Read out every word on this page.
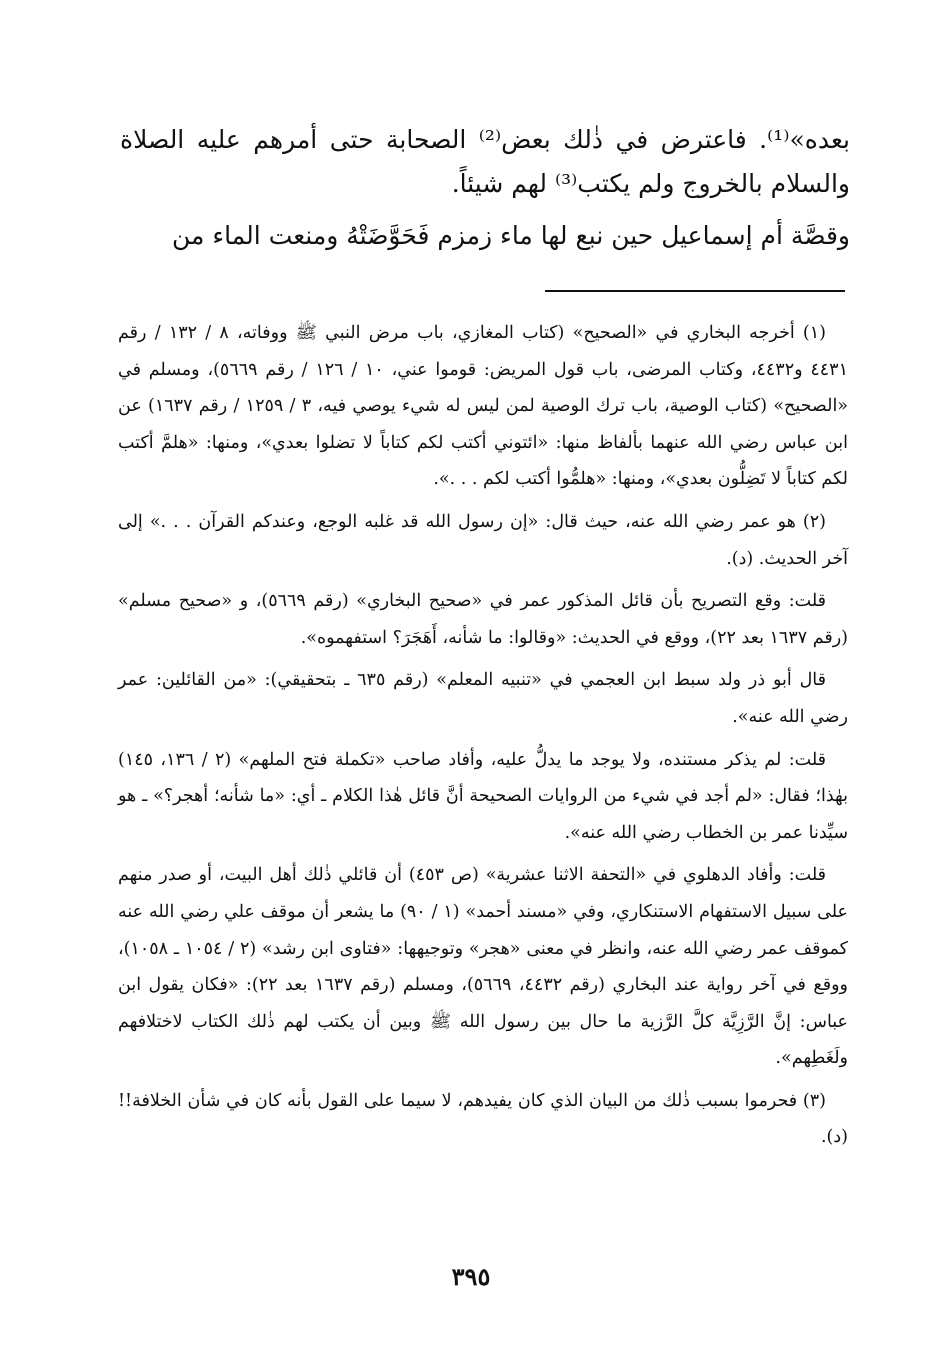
بعده»⁽¹⁾. فاعترض في ذٰلك بعض⁽²⁾ الصحابة حتى أمرهم عليه الصلاة والسلام بالخروج ولم يكتب⁽³⁾ لهم شيئاً.

وقصَّة أم إسماعيل حين نبع لها ماء زمزم فَحَوَّضَتْهُ ومنعت الماء من

(١) أخرجه البخاري في «الصحيح» (كتاب المغازي، باب مرض النبي ﷺ ووفاته، ٨ / ١٣٢ / رقم ٤٤٣١ و٤٤٣٢، وكتاب المرضى، باب قول المريض: قوموا عني، ١٠ / ١٢٦ / رقم ٥٦٦٩)، ومسلم في «الصحيح» (كتاب الوصية، باب ترك الوصية لمن ليس له شيء يوصي فيه، ٣ / ١٢٥٩ / رقم ١٦٣٧) عن ابن عباس رضي الله عنهما بألفاظ منها: «ائتوني أكتب لكم كتاباً لا تضلوا بعدي»، ومنها: «هلمَّ أكتب لكم كتاباً لا تَضِلُّون بعدي»، ومنها: «هلمُّوا أكتب لكم . . .».

(٢) هو عمر رضي الله عنه، حيث قال: «إن رسول الله قد غلبه الوجع، وعندكم القرآن . . .» إلى آخر الحديث. (د).

قلت: وقع التصريح بأن قائل المذكور عمر في «صحيح البخاري» (رقم ٥٦٦٩)، و «صحيح مسلم» (رقم ١٦٣٧ بعد ٢٢)، ووقع في الحديث: «وقالوا: ما شأنه، أَهَجَرَ؟ استفهموه».

قال أبو ذر ولد سبط ابن العجمي في «تنبيه المعلم» (رقم ٦٣٥ ـ بتحقيقي): «من القائلين: عمر رضي الله عنه».

قلت: لم يذكر مستنده، ولا يوجد ما يدلُّ عليه، وأفاد صاحب «تكملة فتح الملهم» (٢ / ١٣٦، ١٤٥) بهٰذا؛ فقال: «لم أجد في شيء من الروايات الصحيحة أنَّ قائل هٰذا الكلام ـ أي: «ما شأنه؛ أهجر؟» ـ هو سيِّدنا عمر بن الخطاب رضي الله عنه».

قلت: وأفاد الدهلوي في «التحفة الاثنا عشرية» (ص ٤٥٣) أن قائلي ذٰلك أهل البيت، أو صدر منهم على سبيل الاستفهام الاستنكاري، وفي «مسند أحمد» (١ / ٩٠) ما يشعر أن موقف علي رضي الله عنه كموقف عمر رضي الله عنه، وانظر في معنى «هجر» وتوجيهها: «فتاوى ابن رشد» (٢ / ١٠٥٤ ـ ١٠٥٨)، ووقع في آخر رواية عند البخاري (رقم ٤٤٣٢، ٥٦٦٩)، ومسلم (رقم ١٦٣٧ بعد ٢٢): «فكان يقول ابن عباس: إنَّ الرَّزِيَّة كلَّ الرَّزية ما حال بين رسول الله ﷺ وبين أن يكتب لهم ذٰلك الكتاب لاختلافهم ولَغَطِهم».

(٣) فحرموا بسبب ذٰلك من البيان الذي كان يفيدهم، لا سيما على القول بأنه كان في شأن الخلافة!! (د).

٣٩٥
